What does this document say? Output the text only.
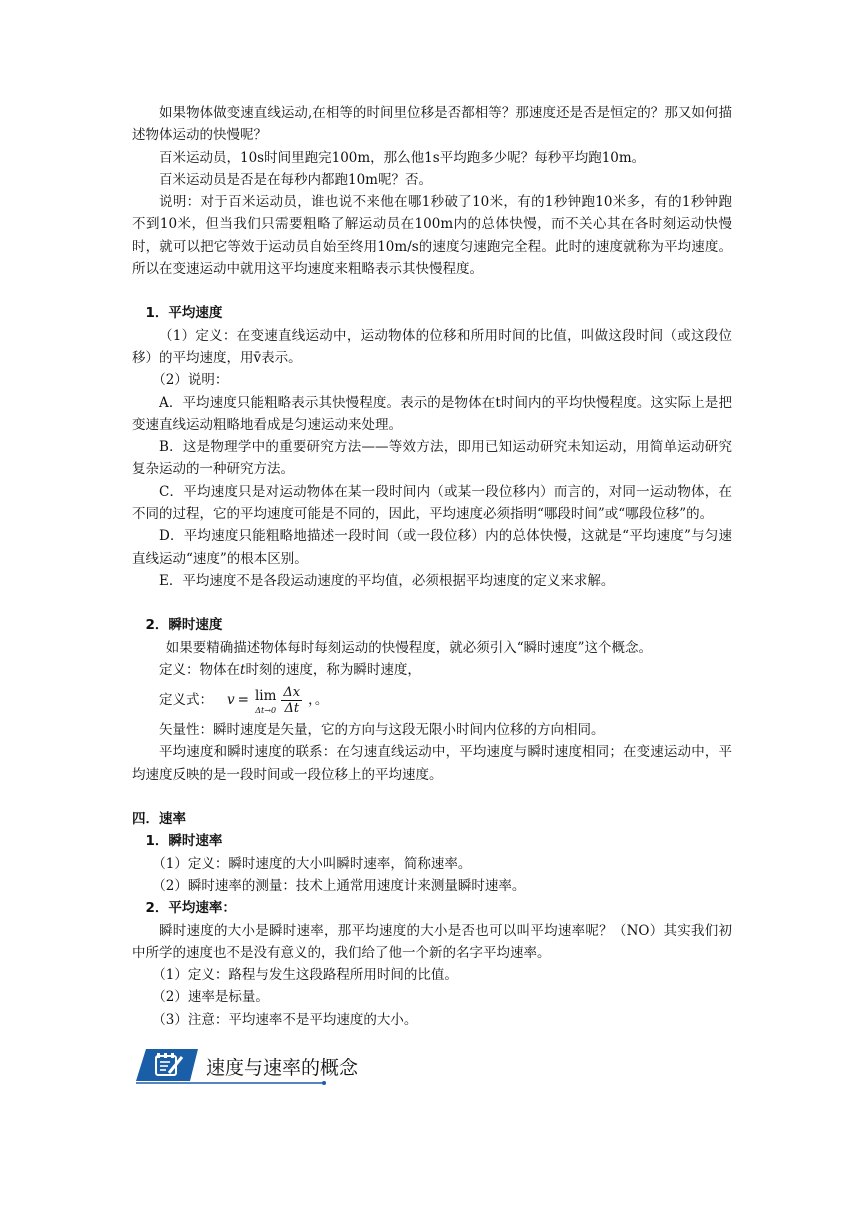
如果物体做变速直线运动,在相等的时间里位移是否都相等？那速度还是否是恒定的？那又如何描述物体运动的快慢呢？

百米运动员，10s时间里跑完100m，那么他1s平均跑多少呢？每秒平均跑10m。

百米运动员是否是在每秒内都跑10m呢？否。

说明：对于百米运动员，谁也说不来他在哪1秒破了10米，有的1秒钟跑10米多，有的1秒钟跑不到10米，但当我们只需要粗略了解运动员在100m内的总体快慢，而不关心其在各时刻运动快慢时，就可以把它等效于运动员自始至终用10m/s的速度匀速跑完全程。此时的速度就称为平均速度。所以在变速运动中就用这平均速度来粗略表示其快慢程度。

1．平均速度

（1）定义：在变速直线运动中，运动物体的位移和所用时间的比值，叫做这段时间（或这段位移）的平均速度，用v̄表示。

（2）说明：

A．平均速度只能粗略表示其快慢程度。表示的是物体在t时间内的平均快慢程度。这实际上是把变速直线运动粗略地看成是匀速运动来处理。

B．这是物理学中的重要研究方法——等效方法，即用已知运动研究未知运动，用简单运动研究复杂运动的一种研究方法。

C．平均速度只是对运动物体在某一段时间内（或某一段位移内）而言的，对同一运动物体，在不同的过程，它的平均速度可能是不同的，因此，平均速度必须指明“哪段时间”或“哪段位移”的。

D．平均速度只能粗略地描述一段时间（或一段位移）内的总体快慢，这就是“平均速度”与匀速直线运动“速度”的根本区别。

E．平均速度不是各段运动速度的平均值，必须根据平均速度的定义来求解。

2．瞬时速度

如果要精确描述物体每时每刻运动的快慢程度，就必须引入“瞬时速度”这个概念。

定义：物体在t时刻的速度，称为瞬时速度，

定义式： v = lim
$\Delta t\to 0 \frac{\Delta x}{\Delta t}$ ，。

矢量性：瞬时速度是矢量，它的方向与这段无限小时间内位移的方向相同。

平均速度和瞬时速度的联系：在匀速直线运动中，平均速度与瞬时速度相同；在变速运动中，平均速度反映的是一段时间或一段位移上的平均速度。

四．速率

1．瞬时速率

（1）定义：瞬时速度的大小叫瞬时速率，简称速率。

（2）瞬时速率的测量：技术上通常用速度计来测量瞬时速率。

2．平均速率：

瞬时速度的大小是瞬时速率，那平均速度的大小是否也可以叫平均速率呢？（NO）其实我们初中所学的速度也不是没有意义的，我们给了他一个新的名字平均速率。

（1）定义：路程与发生这段路程所用时间的比值。

（2）速率是标量。

（3）注意：平均速率不是平均速度的大小。

速度与速率的概念
